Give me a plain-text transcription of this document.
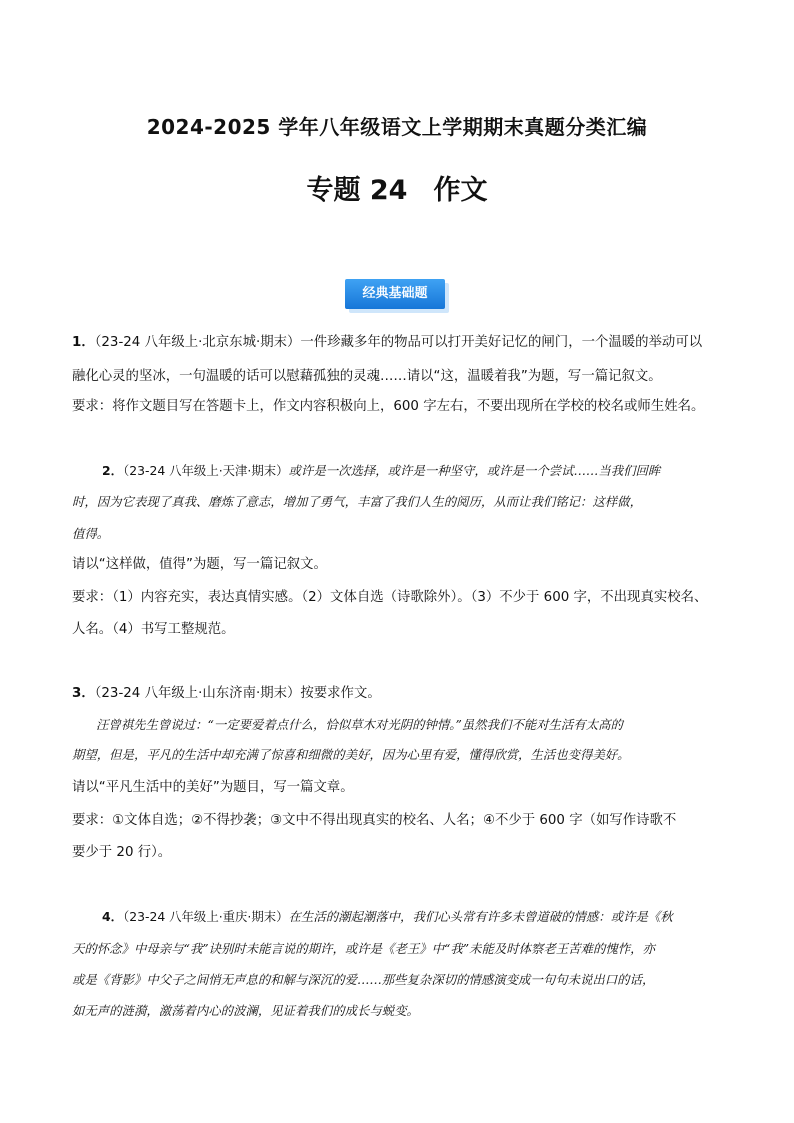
2024-2025 学年八年级语文上学期期末真题分类汇编
专题 24 作文
经典基础题

1．（23-24 八年级上·北京东城·期末）一件珍藏多年的物品可以打开美好记忆的闸门，一个温暖的举动可以

融化心灵的坚冰，一句温暖的话可以慰藉孤独的灵魂……请以“这，温暖着我”为题，写一篇记叙文。

要求：将作文题目写在答题卡上，作文内容积极向上，600 字左右，不要出现所在学校的校名或师生姓名。

2．（23-24 八年级上·天津·期末）或许是一次选择，或许是一种坚守，或许是一个尝试……当我们回眸

时，因为它表现了真我、磨炼了意志，增加了勇气，丰富了我们人生的阅历，从而让我们铭记：这样做，

值得。

请以“这样做，值得”为题，写一篇记叙文。

要求：（1）内容充实，表达真情实感。（2）文体自选（诗歌除外）。（3）不少于 600 字，不出现真实校名、

人名。（4）书写工整规范。

3．（23-24 八年级上·山东济南·期末）按要求作文。

汪曾祺先生曾说过：“一定要爱着点什么，恰似草木对光阴的钟情。”虽然我们不能对生活有太高的

期望，但是，平凡的生活中却充满了惊喜和细微的美好，因为心里有爱，懂得欣赏，生活也变得美好。

请以“平凡生活中的美好”为题目，写一篇文章。

要求：①文体自选；②不得抄袭；③文中不得出现真实的校名、人名；④不少于 600 字（如写作诗歌不

要少于 20 行）。

4．（23-24 八年级上·重庆·期末）在生活的潮起潮落中，我们心头常有许多未曾道破的情感：或许是《秋

天的怀念》中母亲与“我”诀别时未能言说的期许，或许是《老王》中“我”未能及时体察老王苦难的愧怍，亦

或是《背影》中父子之间悄无声息的和解与深沉的爱……那些复杂深切的情感演变成一句句未说出口的话，

如无声的涟漪，激荡着内心的波澜，见证着我们的成长与蜕变。
